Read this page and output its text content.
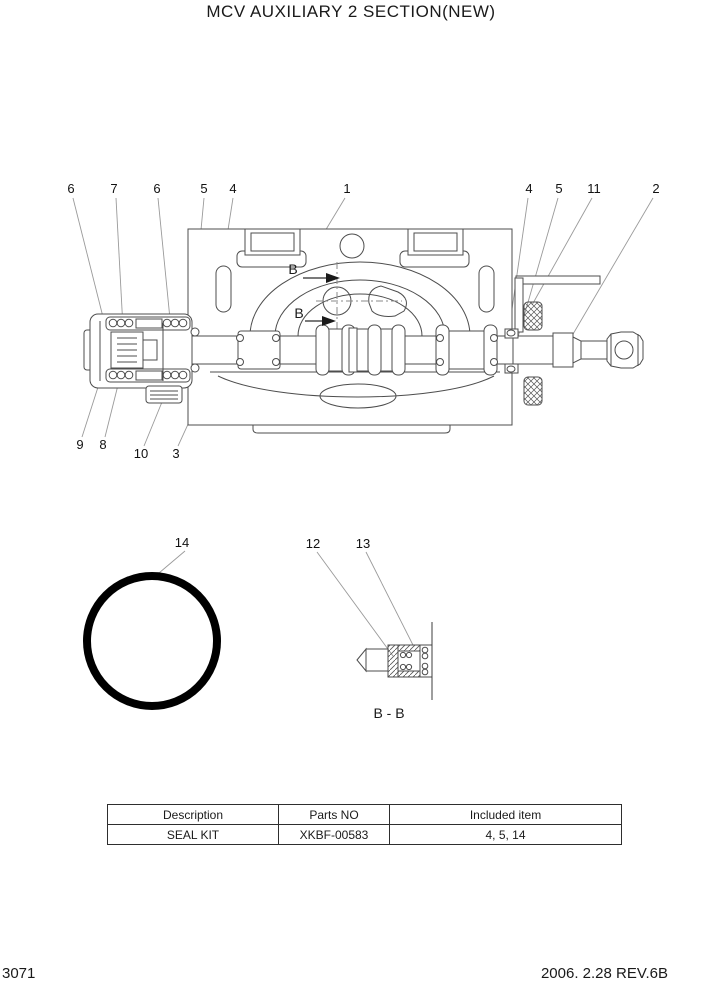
MCV AUXILIARY 2 SECTION(NEW)
B
B
B - B
6	7	6	5 4	1	4 5 11	2
9 8
10 3
14	12	13
Description	Parts NO	Included item
SEAL KIT	XKBF-00583	4, 5, 14
3071	2006. 2.28 REV.6B
